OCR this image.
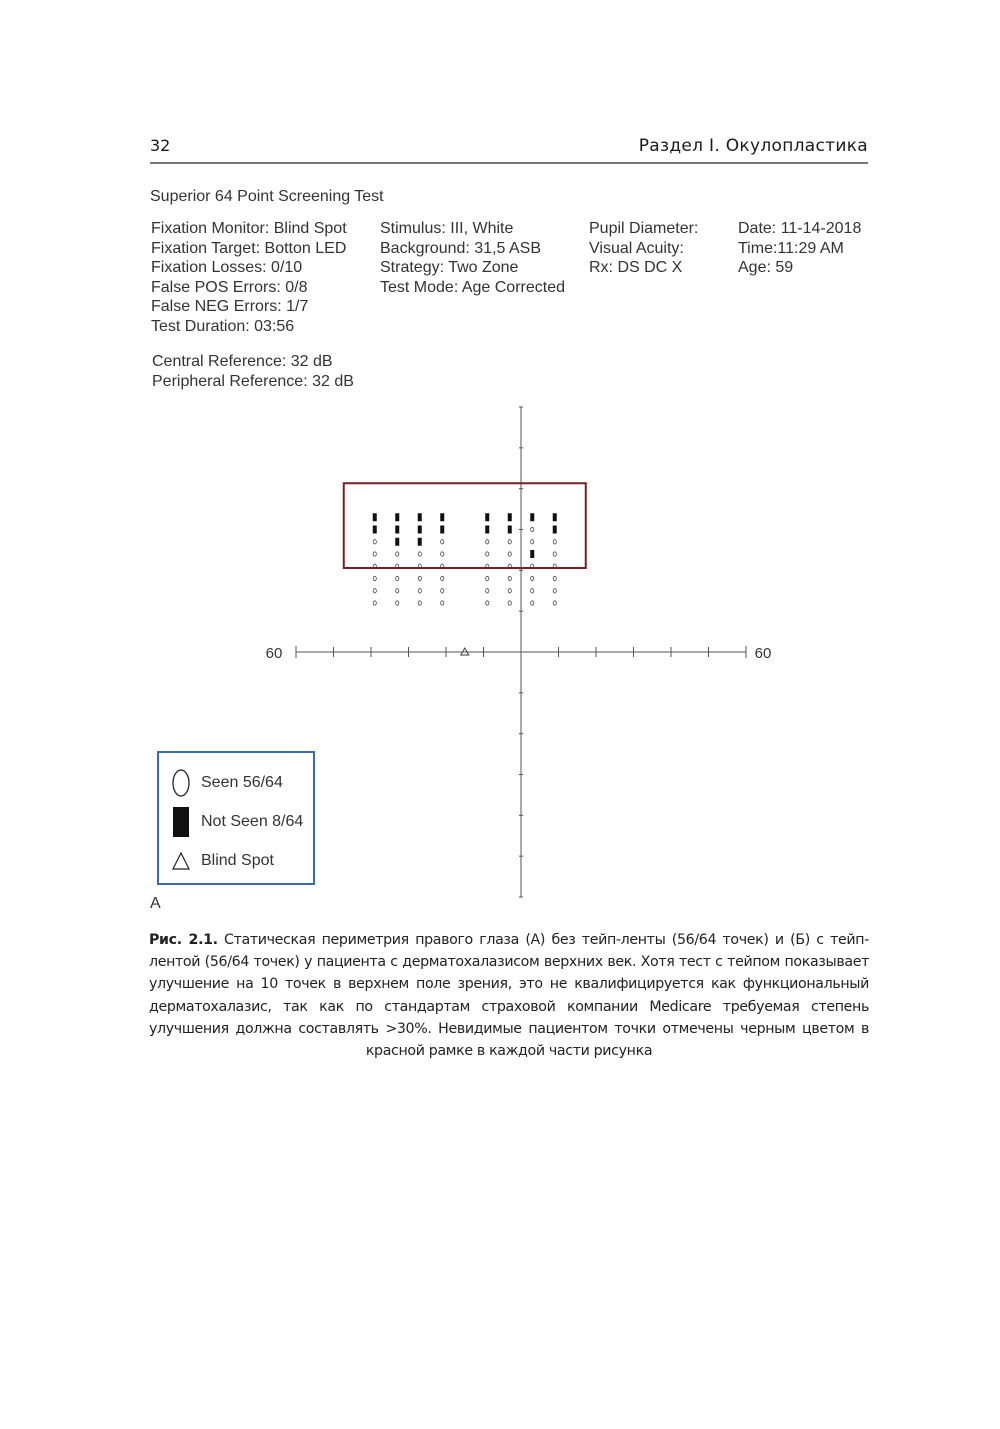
32	Раздел I. Окулопластика
Superior 64 Point Screening Test
Fixation Monitor: Blind Spot
Fixation Target: Botton LED
Fixation Losses: 0/10
False POS Errors: 0/8
False NEG Errors: 1/7
Test Duration: 03:56
Stimulus: III, White
Background: 31,5 ASB
Strategy: Two Zone
Test Mode: Age Corrected
Pupil Diameter:
Visual Acuity:
Rx: DS DC X
Date: 11-14-2018
Time:11:29 AM
Age: 59
Central Reference: 32 dB
Peripheral Reference: 32 dB
60	60
Seen 56/64
Not Seen 8/64
Blind Spot
А
Рис. 2.1. Статическая периметрия правого глаза (А) без тейп-ленты (56/64 точек) и (Б) с тейп-лентой (56/64 точек) у пациента с дерматохалазисом верхних век. Хотя тест с тейпом показывает улучшение на 10 точек в верхнем поле зрения, это не квалифицируется как функциональный дерматохалазис, так как по стандартам страховой компании Medicare требуемая степень улучшения должна составлять >30%. Невидимые пациентом точки отмечены черным цветом в красной рамке в каждой части рисунка
